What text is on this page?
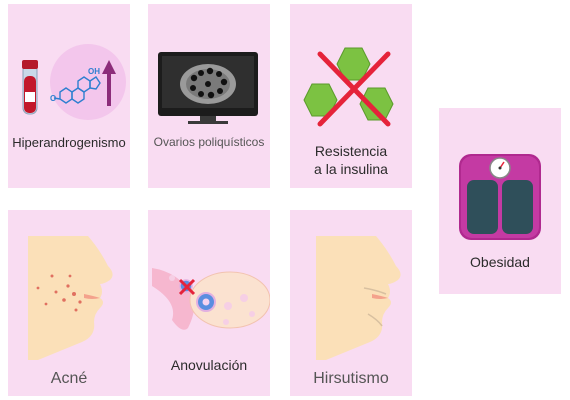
O
OH
Hiperandrogenismo	Ovarios poliquísticos
Resistencia
a la insulina
Obesidad
Acné
Anovulación
Hirsutismo
